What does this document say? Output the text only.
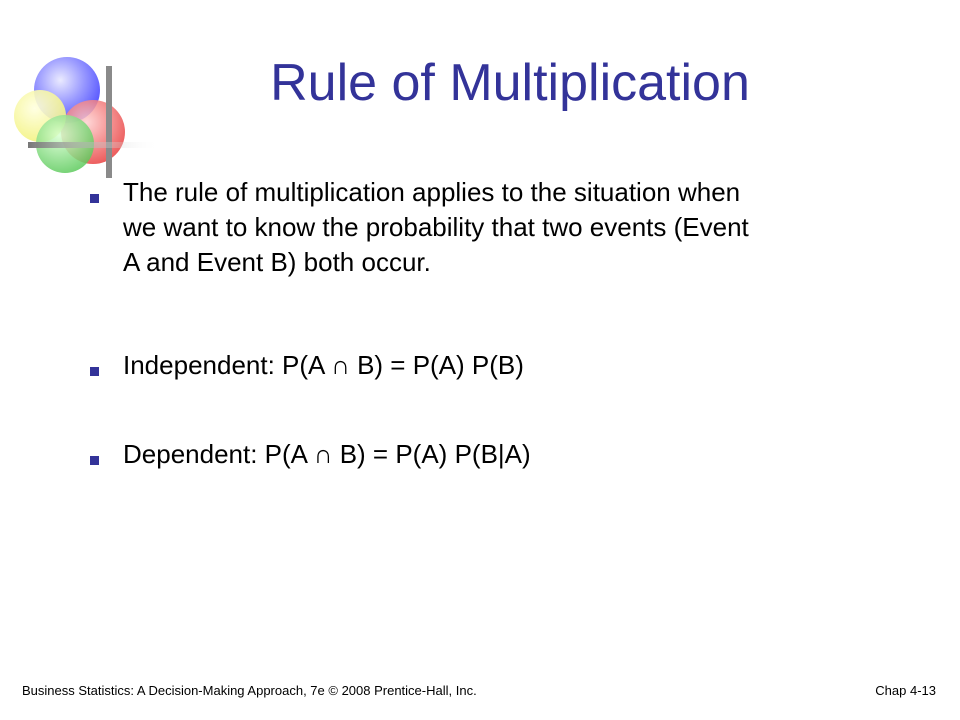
Rule of Multiplication
The rule of multiplication applies to the situation when
we want to know the probability that two events (Event
A and Event B) both occur.
Independent: P(A ∩ B) = P(A) P(B)
Dependent: P(A ∩ B) = P(A) P(B|A)
Business Statistics: A Decision-Making Approach, 7e © 2008 Prentice-Hall, Inc.	Chap 4-13
